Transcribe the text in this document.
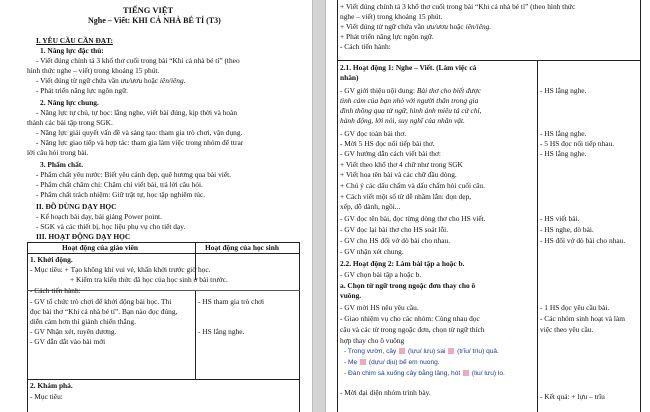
TIẾNG VIỆT
Nghe – Viết: KHI CẢ NHÀ BÉ TÍ (T3)
I. YÊU CẦU CẦN ĐẠT:
1. Năng lực đặc thù:
- Viết đúng chính tả 3 khổ thơ cuối trong bài “Khi cả nhà bé tí” (theo
hình thức nghe – viết) trong khoảng 15 phút.
- Viết đúng từ ngữ chứa vần ưu/ươu hoặc iên/iêng.
- Phát triển năng lực ngôn ngữ.
2. Năng lực chung.
- Năng lực tự chủ, tự học: lắng nghe, viết bài đúng, kịp thời và hoàn
thành các bài tập trong SGK.
- Năng lực giải quyết vấn đề và sáng tạo: tham gia trò chơi, vận dụng.
- Năng lực giao tiếp và hợp tác: tham gia làm việc trong nhóm để ttrar
lời câu hỏi trong bài.
3. Phẩm chất.
- Phẩm chất yêu nước: Biết yêu cảnh đẹp, quê hương qua bài viết.
- Phẩm chất chăm chỉ: Chăm chỉ viết bài, trả lời câu hỏi.
- Phẩm chất trách nhiệm: Giữ trật tự, học tập nghiêm túc.
II. ĐỒ DÙNG DẠY HỌC
- Kế hoạch bài dạy, bài giảng Power point.
- SGK và các thiết bị, học liệu phụ vụ cho tiết dạy.
III. HOẠT ĐỘNG DẠY HỌC
Hoạt động của giáo viên	Hoạt động của học sinh
1. Khởi động.
- Mục tiêu: + Tạo không khí vui vẻ, khấn khởi trước giờ học.
+ Kiểm tra kiến thức đã học của học sinh ở bài trước.
- Cách tiến hành:
- GV tổ chức trò chơi để khởi động bài học. Thi
đọc bài thơ “Khi cả nhà bé tí”. Bạn nào đọc đúng,
diễn cảm hơn thì giành chiến thắng.
- GV Nhận xét, tuyên dương.
- GV dẫn dắt vào bài mới
- HS tham gia trò chơi
- HS lắng nghe.
2. Khám phá.
- Mục tiêu:
+ Viết đúng chính tả 3 khổ thơ cuối trong bài “Khi cả nhà bé tí” (theo hình thức
nghe – viết) trong khoảng 15 phút.
+ Viết đúng từ ngữ chứa vần ưu/ươu hoặc iên/iêng.
+ Phát triển năng lực ngôn ngữ.
- Cách tiến hành:
2.1. Hoạt động 1: Nghe – Viết. (Làm việc cả
nhân)
- GV giới thiệu nội dung: Bài thơ cho biết được	- HS lắng nghe.
tình cảm của bạn nhỏ với người thân trong gia
đình thông qua từ ngữ, hình ảnh miêu tả cử chỉ,
hành động, lời nói, suy nghĩ của nhân vật.
- GV đọc toàn bài thơ.	- HS lắng nghe.
- Mời 5 HS đọc nối tiếp bài thơ.	- 5 HS đọc nối tiếp nhau.
- GV hướng dẫn cách viết bài thơ:	- HS lắng nghe.
+ Viết theo khổ thơ 4 chữ như trong SGK
+ Viết hoa tên bài và các chữ đầu dòng.
+ Chú ý các dấu chấm và dấu chấm hỏi cuối câu.
+ Cách viết một số từ dễ nhầm lẫn: đọn dẹp,
xếp, dỗ dành, ngồi...
- GV đọc tên bài, đọc từng dòng thơ cho HS viết.	- HS viết bài.
- GV đọc lại bài thơ cho HS soát lỗi.	- HS nghe, dò bài.
- GV cho HS đổi vở dò bài cho nhau.	- HS đổi vở dò bài cho nhau.
- GV nhận xét chung.
2.2. Hoạt động 2: Làm bài tập a hoặc b.
- GV chọn bài tập a hoặc b.
a. Chọn từ ngữ trong ngoặc đơn thay cho ô
vuông.
- GV mời HS nêu yêu cầu.	- 1 HS đọc yêu cầu bài.
- Giao nhiệm vụ cho các nhóm: Cùng nhau đọc	- Các nhóm sinh hoạt và làm
câu và các từ trong ngoặc đơn, chọn từ ngữ thích	việc theo yêu cầu.
hợp thay cho ô vuông
- Trong vườn, cây (lựu/ lưu) sai (trĩu/ trìu) quả.
- Mẹ (dựu/ dịu) bế em nuong.
- Đàn chim sà xuống cây bằng lăng, hót (liu/ lưu) lo.
- Mời đại diện nhóm trình bày.	- Kết quả: + lựu – trĩu
